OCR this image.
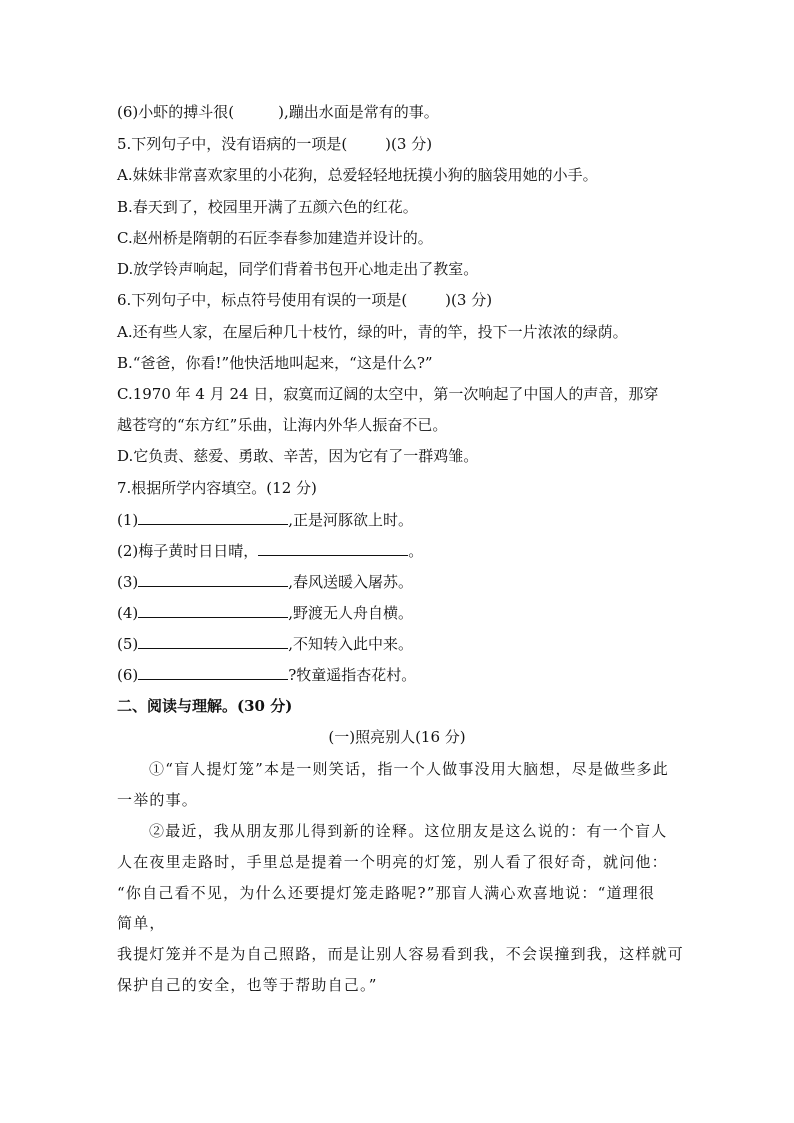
(6)小虾的搏斗很(	),蹦出水面是常有的事。
5.下列句子中，没有语病的一项是(	)(3 分)
A.妹妹非常喜欢家里的小花狗，总爱轻轻地抚摸小狗的脑袋用她的小手。
B.春天到了，校园里开满了五颜六色的红花。
C.赵州桥是隋朝的石匠李春参加建造并设计的。
D.放学铃声响起，同学们背着书包开心地走出了教室。
6.下列句子中，标点符号使用有误的一项是(	)(3 分)
A.还有些人家，在屋后种几十枝竹，绿的叶，青的竿，投下一片浓浓的绿荫。
B.“爸爸，你看!”他快活地叫起来，“这是什么?”
C.1970 年 4 月 24 日，寂寞而辽阔的太空中，第一次响起了中国人的声音，那穿
越苍穹的“东方红”乐曲，让海内外华人振奋不已。
D.它负责、慈爱、勇敢、辛苦，因为它有了一群鸡雏。
7.根据所学内容填空。(12 分)
(1)	,正是河豚欲上时。
(2)梅子黄时日日晴，	。
(3)	,春风送暖入屠苏。
(4)	,野渡无人舟自横。
(5)	,不知转入此中来。
(6)	?牧童遥指杏花村。
二、阅读与理解。(30 分)
(一)照亮别人(16 分)
①“盲人提灯笼”本是一则笑话，指一个人做事没用大脑想，尽是做些多此
一举的事。
②最近，我从朋友那儿得到新的诠释。这位朋友是这么说的：有一个盲人
人在夜里走路时，手里总是提着一个明亮的灯笼，别人看了很好奇，就问他：
“你自己看不见，为什么还要提灯笼走路呢?”那盲人满心欢喜地说：“道理很
简单，
我提灯笼并不是为自己照路，而是让别人容易看到我，不会误撞到我，这样就可
保护自己的安全，也等于帮助自己。”
